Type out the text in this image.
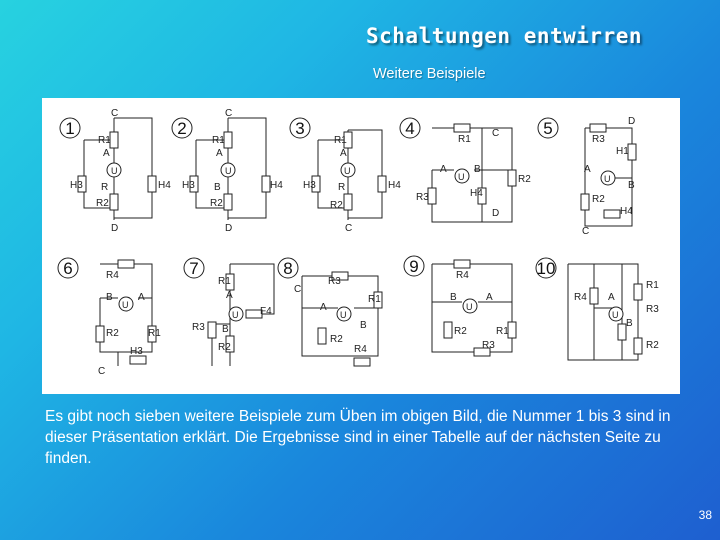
Schaltungen entwirren
Weitere Beispiele
1
C
R1
A
U
R
H3	H4
R2
D
2
C
R1
A
U
B
H3	H4
R2
D
3
R1
A
U
R
H3	H4
R2
C
4
R1
C
A	B
U	R2
R3	H4
D
5	D
R3
H1
A
U
B
R2
H4
C
6	R4
B	A
U
R2	R1
H3
C
7
R1
A
U F4
R3 B
R2
8
R3
C
A
R1
U
B
R2
R4
9	R4
B	A
U
R2	R1
R3
10
R1
R4 A
U
B
R3
R2
Es gibt noch sieben weitere Beispiele zum Üben im obigen Bild, die Nummer 1 bis 3 sind in dieser Präsentation erklärt. Die Ergebnisse sind in einer Tabelle auf der nächsten Seite zu finden.
38
